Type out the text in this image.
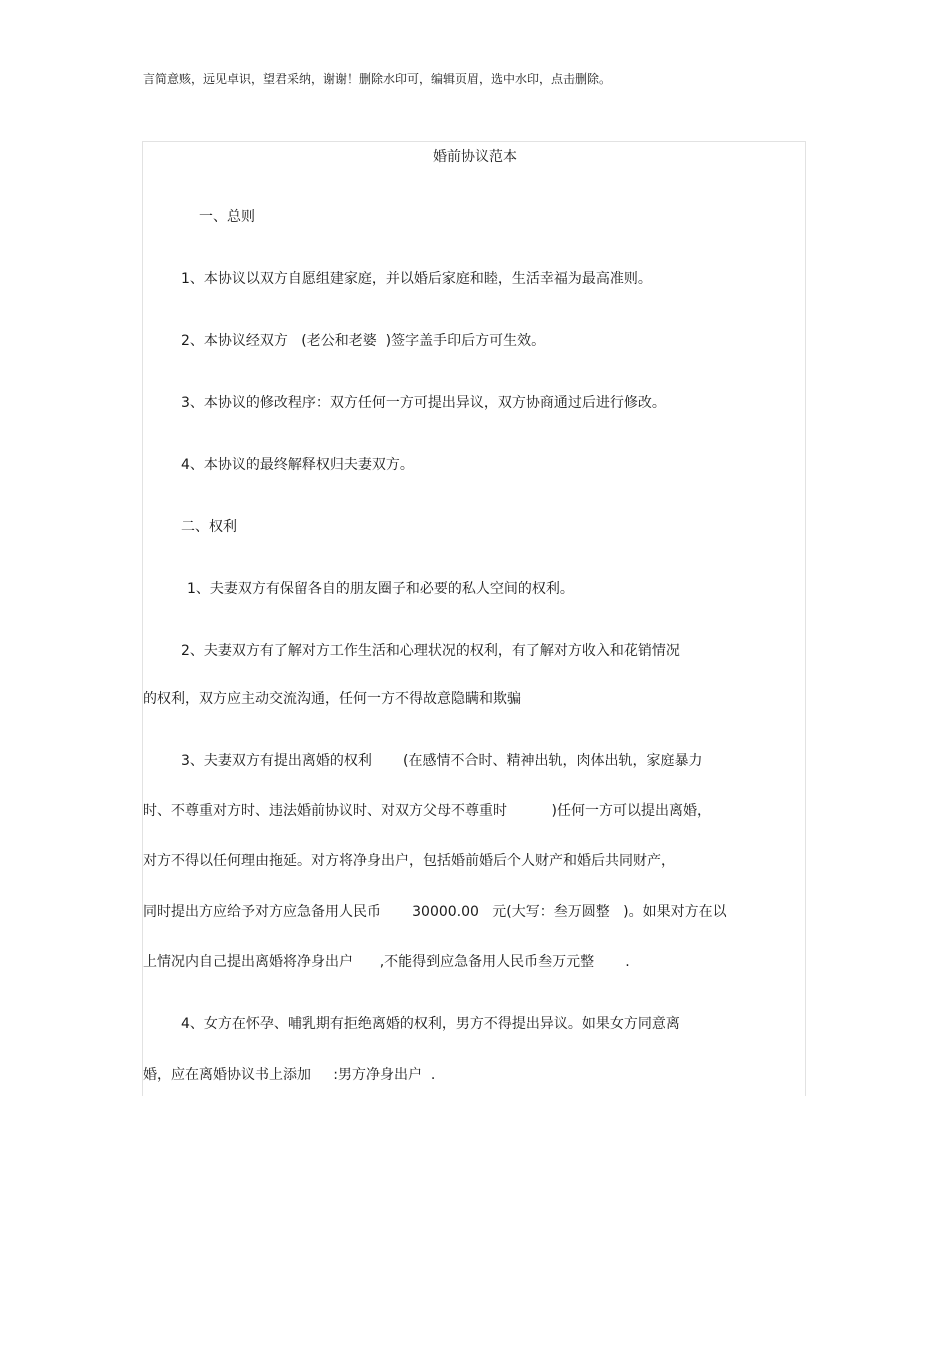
言简意赅，远见卓识，望君采纳，谢谢！删除水印可，编辑页眉，选中水印，点击删除。
婚前协议范本
一、总则
1、本协议以双方自愿组建家庭，并以婚后家庭和睦，生活幸福为最高准则。
2、本协议经双方   (老公和老婆  )签字盖手印后方可生效。
3、本协议的修改程序：双方任何一方可提出异议，双方协商通过后进行修改。
4、本协议的最终解释权归夫妻双方。
二、权利
1、夫妻双方有保留各自的朋友圈子和必要的私人空间的权利。
2、夫妻双方有了解对方工作生活和心理状况的权利，有了解对方收入和花销情况
的权利，双方应主动交流沟通，任何一方不得故意隐瞒和欺骗
3、夫妻双方有提出离婚的权利       (在感情不合时、精神出轨，肉体出轨，家庭暴力
时、不尊重对方时、违法婚前协议时、对双方父母不尊重时          )任何一方可以提出离婚，
对方不得以任何理由拖延。对方将净身出户，包括婚前婚后个人财产和婚后共同财产，
同时提出方应给予对方应急备用人民币       30000.00   元(大写：叁万圆整   )。如果对方在以
上情况内自己提出离婚将净身出户      ,不能得到应急备用人民币叁万元整       .
4、女方在怀孕、哺乳期有拒绝离婚的权利，男方不得提出异议。如果女方同意离
婚，应在离婚协议书上添加     :男方净身出户  .
